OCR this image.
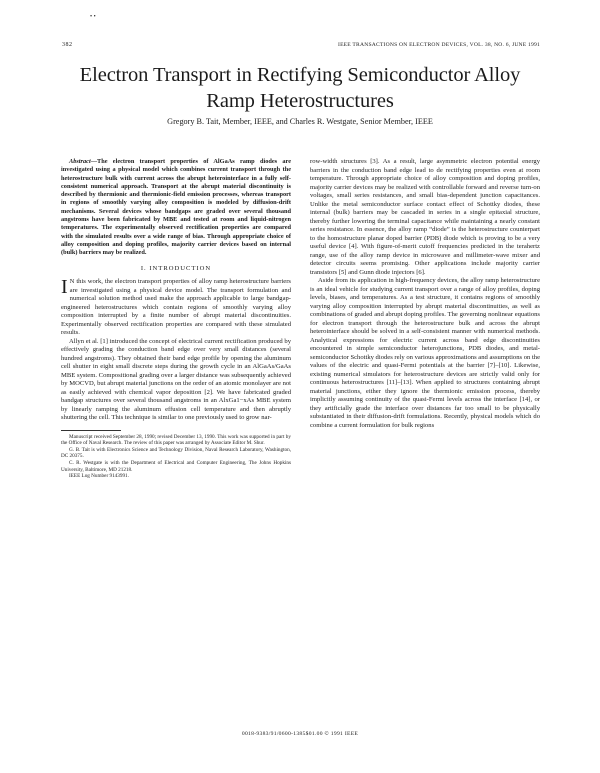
• •
382	IEEE TRANSACTIONS ON ELECTRON DEVICES, VOL. 38, NO. 6, JUNE 1991
Electron Transport in Rectifying Semiconductor Alloy Ramp Heterostructures
Gregory B. Tait, Member, IEEE, and Charles R. Westgate, Senior Member, IEEE

Abstract—The electron transport properties of AlGaAs ramp diodes are investigated using a physical model which combines current transport through the heterostructure bulk with current across the abrupt heterointerface in a fully self-consistent numerical approach. Transport at the abrupt material discontinuity is described by thermionic and thermionic-field emission processes, whereas transport in regions of smoothly varying alloy composition is modeled by diffusion-drift mechanisms. Several devices whose bandgaps are graded over several thousand angstroms have been fabricated by MBE and tested at room and liquid-nitrogen temperatures. The experimentally observed rectification properties are compared with the simulated results over a wide range of bias. Through appropriate choice of alloy composition and doping profiles, majority carrier devices based on internal (bulk) barriers may be realized.

I. INTRODUCTION

I N this work, the electron transport properties of alloy ramp heterostructure barriers are investigated using a physical device model. The transport formulation and numerical solution method used make the approach applicable to large bandgap-engineered heterostructures which contain regions of smoothly varying alloy composition interrupted by a finite number of abrupt material discontinuities. Experimentally observed rectification properties are compared with these simulated results.

Allyn et al. [1] introduced the concept of electrical current rectification produced by effectively grading the conduction band edge over very small distances (several hundred angstroms). They obtained their band edge profile by opening the aluminum cell shutter in eight small discrete steps during the growth cycle in an AlGaAs/GaAs MBE system. Compositional grading over a larger distance was subsequently achieved by MOCVD, but abrupt material junctions on the order of an atomic monolayer are not as easily achieved with chemical vapor deposition [2]. We have fabricated graded bandgap structures over several thousand angstroms in an AlxGa1−xAs MBE system by linearly ramping the aluminum effusion cell temperature and then abruptly shuttering the cell. This technique is similar to one previously used to grow nar-

Manuscript received September 28, 1990; revised December 13, 1990. This work was supported in part by the Office of Naval Research. The review of this paper was arranged by Associate Editor M. Shur.

G. B. Tait is with Electronics Science and Technology Division, Naval Research Laboratory, Washington, DC 20375.

C. R. Westgate is with the Department of Electrical and Computer Engineering, The Johns Hopkins University, Baltimore, MD 21218.

IEEE Log Number 9143991.

row-width structures [3]. As a result, large asymmetric electron potential energy barriers in the conduction band edge lead to de rectifying properties even at room temperature. Through appropriate choice of alloy composition and doping profiles, majority carrier devices may be realized with controllable forward and reverse turn-on voltages, small series resistances, and small bias-dependent junction capacitances. Unlike the metal semiconductor surface contact effect of Schottky diodes, these internal (bulk) barriers may be cascaded in series in a single epitaxial structure, thereby further lowering the terminal capacitance while maintaining a nearly constant series resistance. In essence, the alloy ramp “diode” is the heterostructure counterpart to the homostructure planar doped barrier (PDB) diode which is proving to be a very useful device [4]. With figure-of-merit cutoff frequencies predicted in the terahertz range, use of the alloy ramp device in microwave and millimeter-wave mixer and detector circuits seems promising. Other applications include majority carrier transistors [5] and Gunn diode injectors [6].

Aside from its application in high-frequency devices, the alloy ramp heterostructure is an ideal vehicle for studying current transport over a range of alloy profiles, doping levels, biases, and temperatures. As a test structure, it contains regions of smoothly varying alloy composition interrupted by abrupt material discontinuities, as well as combinations of graded and abrupt doping profiles. The governing nonlinear equations for electron transport through the heterostructure bulk and across the abrupt heterointerface should be solved in a self-consistent manner with numerical methods. Analytical expressions for electric current across band edge discontinuities encountered in simple semiconductor heterojunctions, PDB diodes, and metal-semiconductor Schottky diodes rely on various approximations and assumptions on the values of the electric and quasi-Fermi potentials at the barrier [7]–[10]. Likewise, existing numerical simulators for heterostructure devices are strictly valid only for continuous heterostructures [11]–[13]. When applied to structures containing abrupt material junctions, either they ignore the thermionic emission process, thereby implicitly assuming continuity of the quasi-Fermi levels across the interface [14], or they artificially grade the interface over distances far too small to be physically substantiated in their diffusion-drift formulations. Recently, physical models which do combine a current formulation for bulk regions

0018-9383/91/0600-1385$01.00 © 1991 IEEE
